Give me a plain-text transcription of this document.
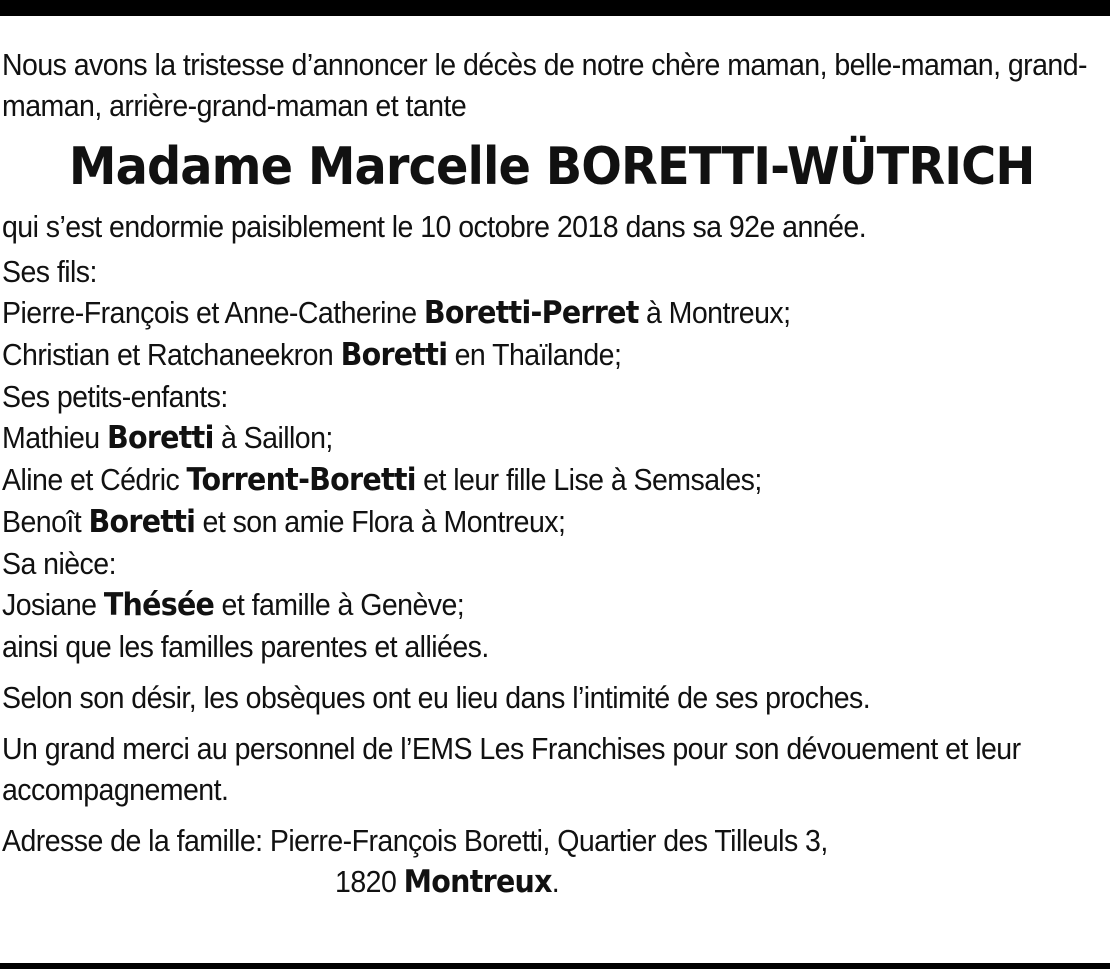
Nous avons la tristesse d’annoncer le décès de notre chère maman, belle-maman, grand-maman, arrière-grand-maman et tante

Madame Marcelle BORETTI-WÜTRICH

qui s’est endormie paisiblement le 10 octobre 2018 dans sa 92e année.

Ses fils:

Pierre-François et Anne-Catherine Boretti-Perret à Montreux;

Christian et Ratchaneekron Boretti en Thaïlande;

Ses petits-enfants:

Mathieu Boretti à Saillon;

Aline et Cédric Torrent-Boretti et leur fille Lise à Semsales;

Benoît Boretti et son amie Flora à Montreux;

Sa nièce:

Josiane Thésée et famille à Genève;

ainsi que les familles parentes et alliées.

Selon son désir, les obsèques ont eu lieu dans l’intimité de ses proches.

Un grand merci au personnel de l’EMS Les Franchises pour son dévouement et leur accompagnement.

Adresse de la famille: Pierre-François Boretti, Quartier des Tilleuls 3,

1820 Montreux.
